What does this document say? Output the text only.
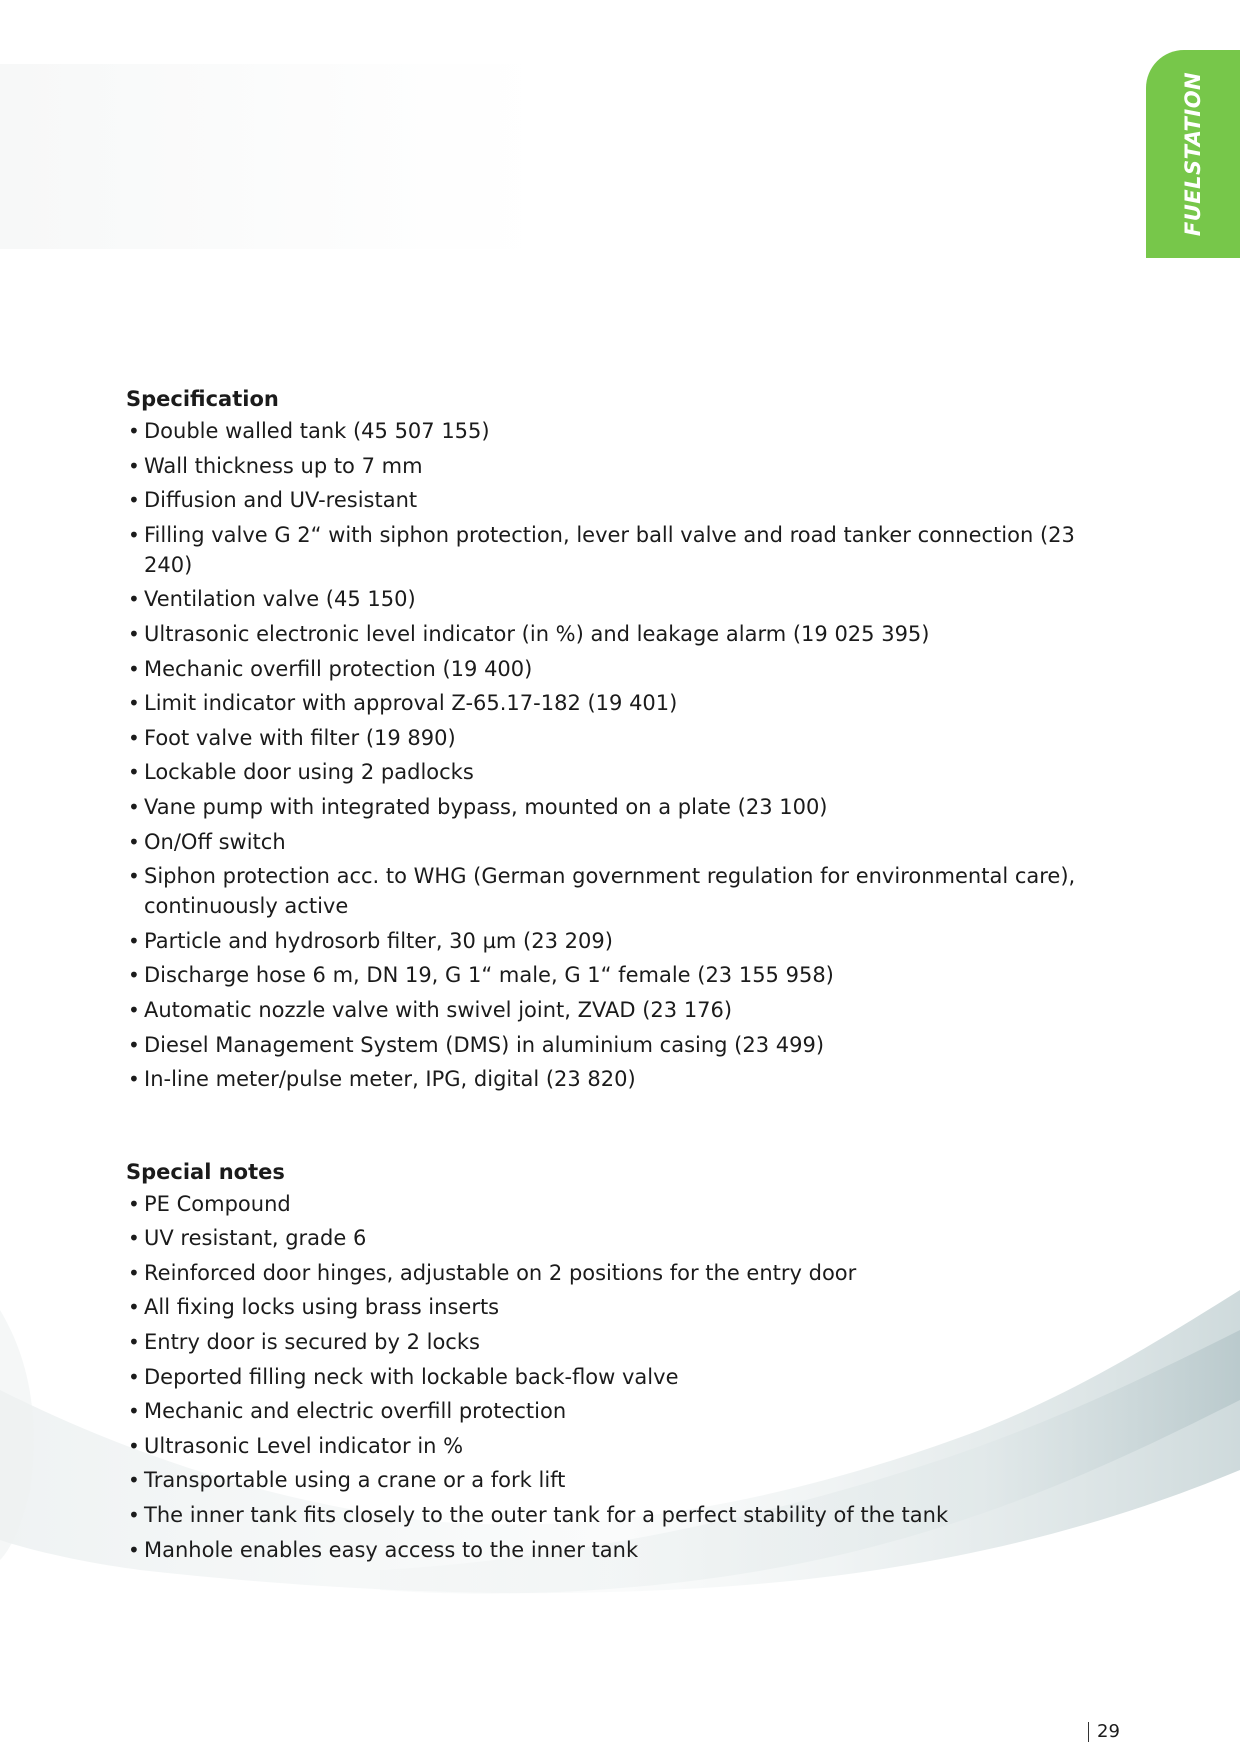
FUELSTATION
Specification
• Double walled tank (45 507 155)
• Wall thickness up to 7 mm
• Diffusion and UV-resistant
• Filling valve G 2“ with siphon protection, lever ball valve and road tanker connection (23 240)
• Ventilation valve (45 150)
• Ultrasonic electronic level indicator (in %) and leakage alarm (19 025 395)
• Mechanic overfill protection (19 400)
• Limit indicator with approval Z-65.17-182 (19 401)
• Foot valve with filter (19 890)
• Lockable door using 2 padlocks
• Vane pump with integrated bypass, mounted on a plate (23 100)
• On/Off switch
• Siphon protection acc. to WHG (German government regulation for environmental care), continuously active
• Particle and hydrosorb filter, 30 µm (23 209)
• Discharge hose 6 m, DN 19, G 1“ male, G 1“ female (23 155 958)
• Automatic nozzle valve with swivel joint, ZVAD (23 176)
• Diesel Management System (DMS) in aluminium casing (23 499)
• In-line meter/pulse meter, IPG, digital (23 820)
Special notes
• PE Compound
• UV resistant, grade 6
• Reinforced door hinges, adjustable on 2 positions for the entry door
• All fixing locks using brass inserts
• Entry door is secured by 2 locks
• Deported filling neck with lockable back-flow valve
• Mechanic and electric overfill protection
• Ultrasonic Level indicator in %
• Transportable using a crane or a fork lift
• The inner tank fits closely to the outer tank for a perfect stability of the tank
• Manhole enables easy access to the inner tank
29
